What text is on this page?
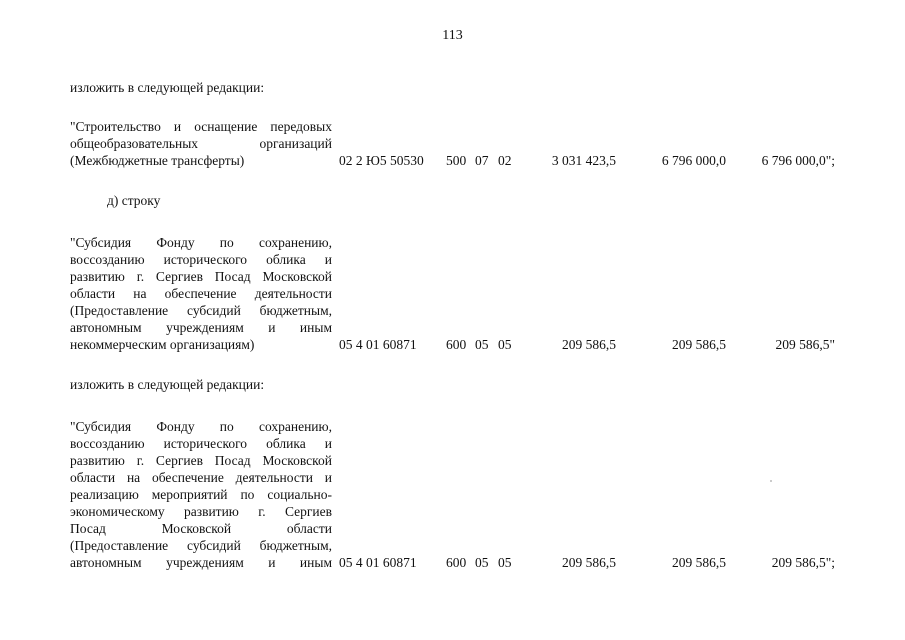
113
изложить в следующей редакции:
"Строительство и оснащение передовых
общеобразовательных организаций
(Межбюджетные трансферты)	02 2 Ю5 50530 500 07 02	3 031 423,5	6 796 000,0	6 796 000,0";
д) строку
"Субсидия Фонду по сохранению,
воссозданию исторического облика и
развитию г. Сергиев Посад Московской
области на обеспечение деятельности
(Предоставление субсидий бюджетным,
автономным учреждениям и иным
некоммерческим организациям)	05 4 01 60871 600 05 05	209 586,5	209 586,5	209 586,5"
изложить в следующей редакции:
"Субсидия Фонду по сохранению,
воссозданию исторического облика и
развитию г. Сергиев Посад Московской
области на обеспечение деятельности и
реализацию мероприятий по социально-
экономическому развитию г. Сергиев
Посад Московской области
(Предоставление субсидий бюджетным,
автономным учреждениям и иным 05 4 01 60871 600 05 05	209 586,5	209 586,5	209 586,5";
